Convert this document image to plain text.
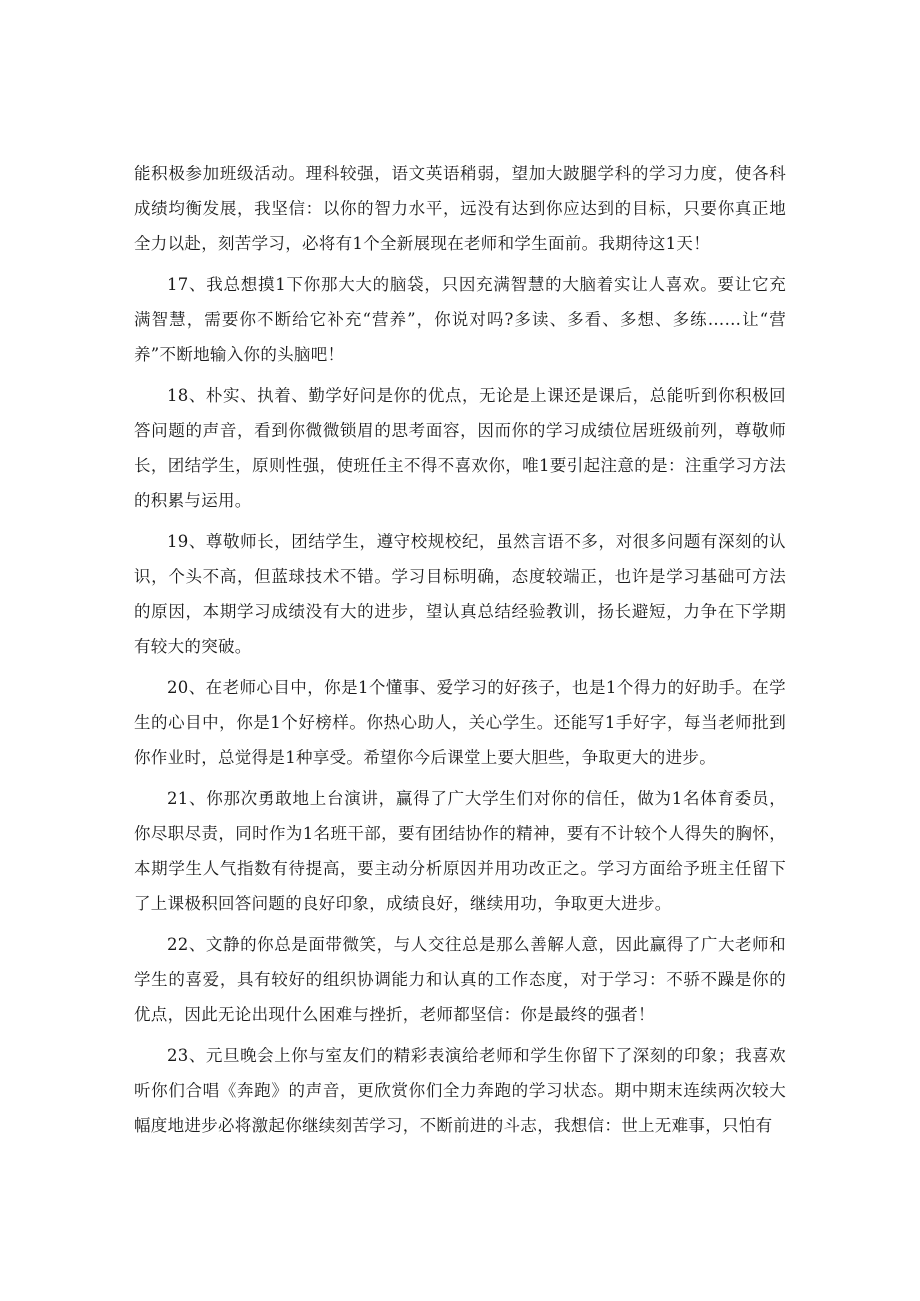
能积极参加班级活动。理科较强，语文英语稍弱，望加大跛腿学科的学习力度，使各科成绩均衡发展，我坚信：以你的智力水平，远没有达到你应达到的目标，只要你真正地全力以赴，刻苦学习，必将有1个全新展现在老师和学生面前。我期待这1天！

17、我总想摸1下你那大大的脑袋，只因充满智慧的大脑着实让人喜欢。要让它充满智慧，需要你不断给它补充“营养”，你说对吗?多读、多看、多想、多练……让“营养”不断地输入你的头脑吧！

18、朴实、执着、勤学好问是你的优点，无论是上课还是课后，总能听到你积极回答问题的声音，看到你微微锁眉的思考面容，因而你的学习成绩位居班级前列，尊敬师长，团结学生，原则性强，使班任主不得不喜欢你，唯1要引起注意的是：注重学习方法的积累与运用。

19、尊敬师长，团结学生，遵守校规校纪，虽然言语不多，对很多问题有深刻的认识，个头不高，但蓝球技术不错。学习目标明确，态度较端正，也许是学习基础可方法的原因，本期学习成绩没有大的进步，望认真总结经验教训，扬长避短，力争在下学期有较大的突破。

20、在老师心目中，你是1个懂事、爱学习的好孩子，也是1个得力的好助手。在学生的心目中，你是1个好榜样。你热心助人，关心学生。还能写1手好字，每当老师批到你作业时，总觉得是1种享受。希望你今后课堂上要大胆些，争取更大的进步。

21、你那次勇敢地上台演讲，赢得了广大学生们对你的信任，做为1名体育委员，你尽职尽责，同时作为1名班干部，要有团结协作的精神，要有不计较个人得失的胸怀，本期学生人气指数有待提高，要主动分析原因并用功改正之。学习方面给予班主任留下了上课极积回答问题的良好印象，成绩良好，继续用功，争取更大进步。

22、文静的你总是面带微笑，与人交往总是那么善解人意，因此赢得了广大老师和学生的喜爱，具有较好的组织协调能力和认真的工作态度，对于学习：不骄不躁是你的优点，因此无论出现什么困难与挫折，老师都坚信：你是最终的强者！

23、元旦晚会上你与室友们的精彩表演给老师和学生你留下了深刻的印象；我喜欢听你们合唱《奔跑》的声音，更欣赏你们全力奔跑的学习状态。期中期末连续两次较大幅度地进步必将激起你继续刻苦学习，不断前进的斗志，我想信：世上无难事，只怕有
